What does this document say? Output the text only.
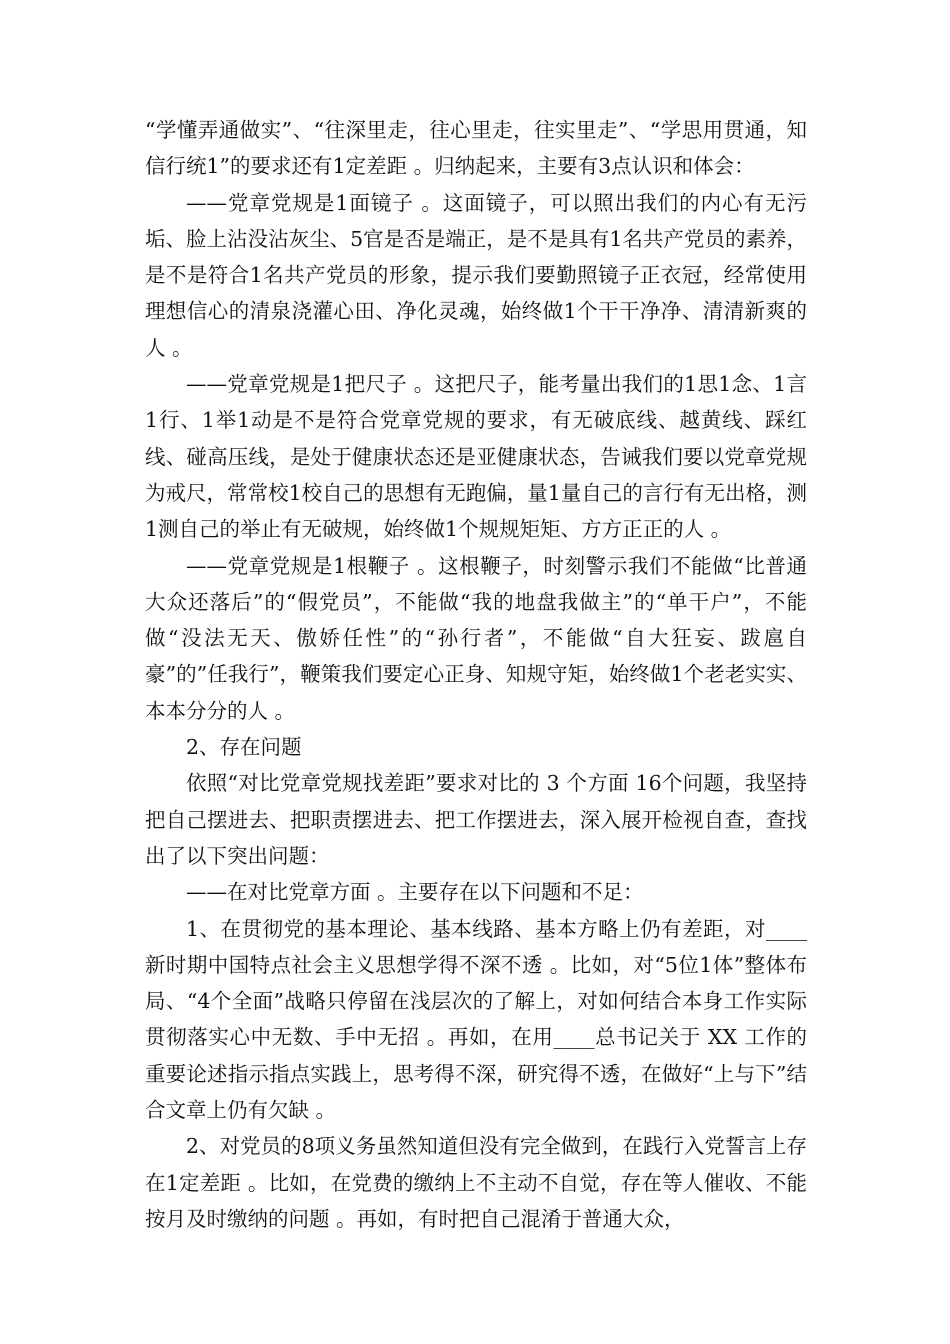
“学懂弄通做实”、“往深里走，往心里走，往实里走”、“学思用贯通，知信行统1”的要求还有1定差距 。归纳起来，主要有3点认识和体会：

——党章党规是1面镜子 。这面镜子，可以照出我们的内心有无污垢、脸上沾没沾灰尘、5官是否是端正，是不是具有1名共产党员的素养，是不是符合1名共产党员的形象，提示我们要勤照镜子正衣冠，经常使用理想信心的清泉浇灌心田、净化灵魂，始终做1个干干净净、清清新爽的人 。

——党章党规是1把尺子 。这把尺子，能考量出我们的1思1念、1言1行、1举1动是不是符合党章党规的要求，有无破底线、越黄线、踩红线、碰高压线，是处于健康状态还是亚健康状态，告诫我们要以党章党规为戒尺，常常校1校自己的思想有无跑偏，量1量自己的言行有无出格，测1测自己的举止有无破规，始终做1个规规矩矩、方方正正的人 。

——党章党规是1根鞭子 。这根鞭子，时刻警示我们不能做“比普通大众还落后”的“假党员”，不能做“我的地盘我做主”的“单干户”，不能做“没法无天、傲娇任性”的“孙行者”，不能做“自大狂妄、跋扈自豪”的”任我行”，鞭策我们要定心正身、知规守矩，始终做1个老老实实、本本分分的人 。

2、存在问题

依照“对比党章党规找差距”要求对比的 3 个方面 16个问题，我坚持把自己摆进去、把职责摆进去、把工作摆进去，深入展开检视自查，查找出了以下突出问题：

——在对比党章方面 。主要存在以下问题和不足：

1、在贯彻党的基本理论、基本线路、基本方略上仍有差距，对____新时期中国特点社会主义思想学得不深不透 。比如，对“5位1体”整体布局、“4个全面”战略只停留在浅层次的了解上，对如何结合本身工作实际贯彻落实心中无数、手中无招 。再如，在用____总书记关于 XX 工作的重要论述指示指点实践上，思考得不深，研究得不透，在做好“上与下”结合文章上仍有欠缺 。

2、对党员的8项义务虽然知道但没有完全做到，在践行入党誓言上存在1定差距 。比如，在党费的缴纳上不主动不自觉，存在等人催收、不能按月及时缴纳的问题 。再如，有时把自己混淆于普通大众，
